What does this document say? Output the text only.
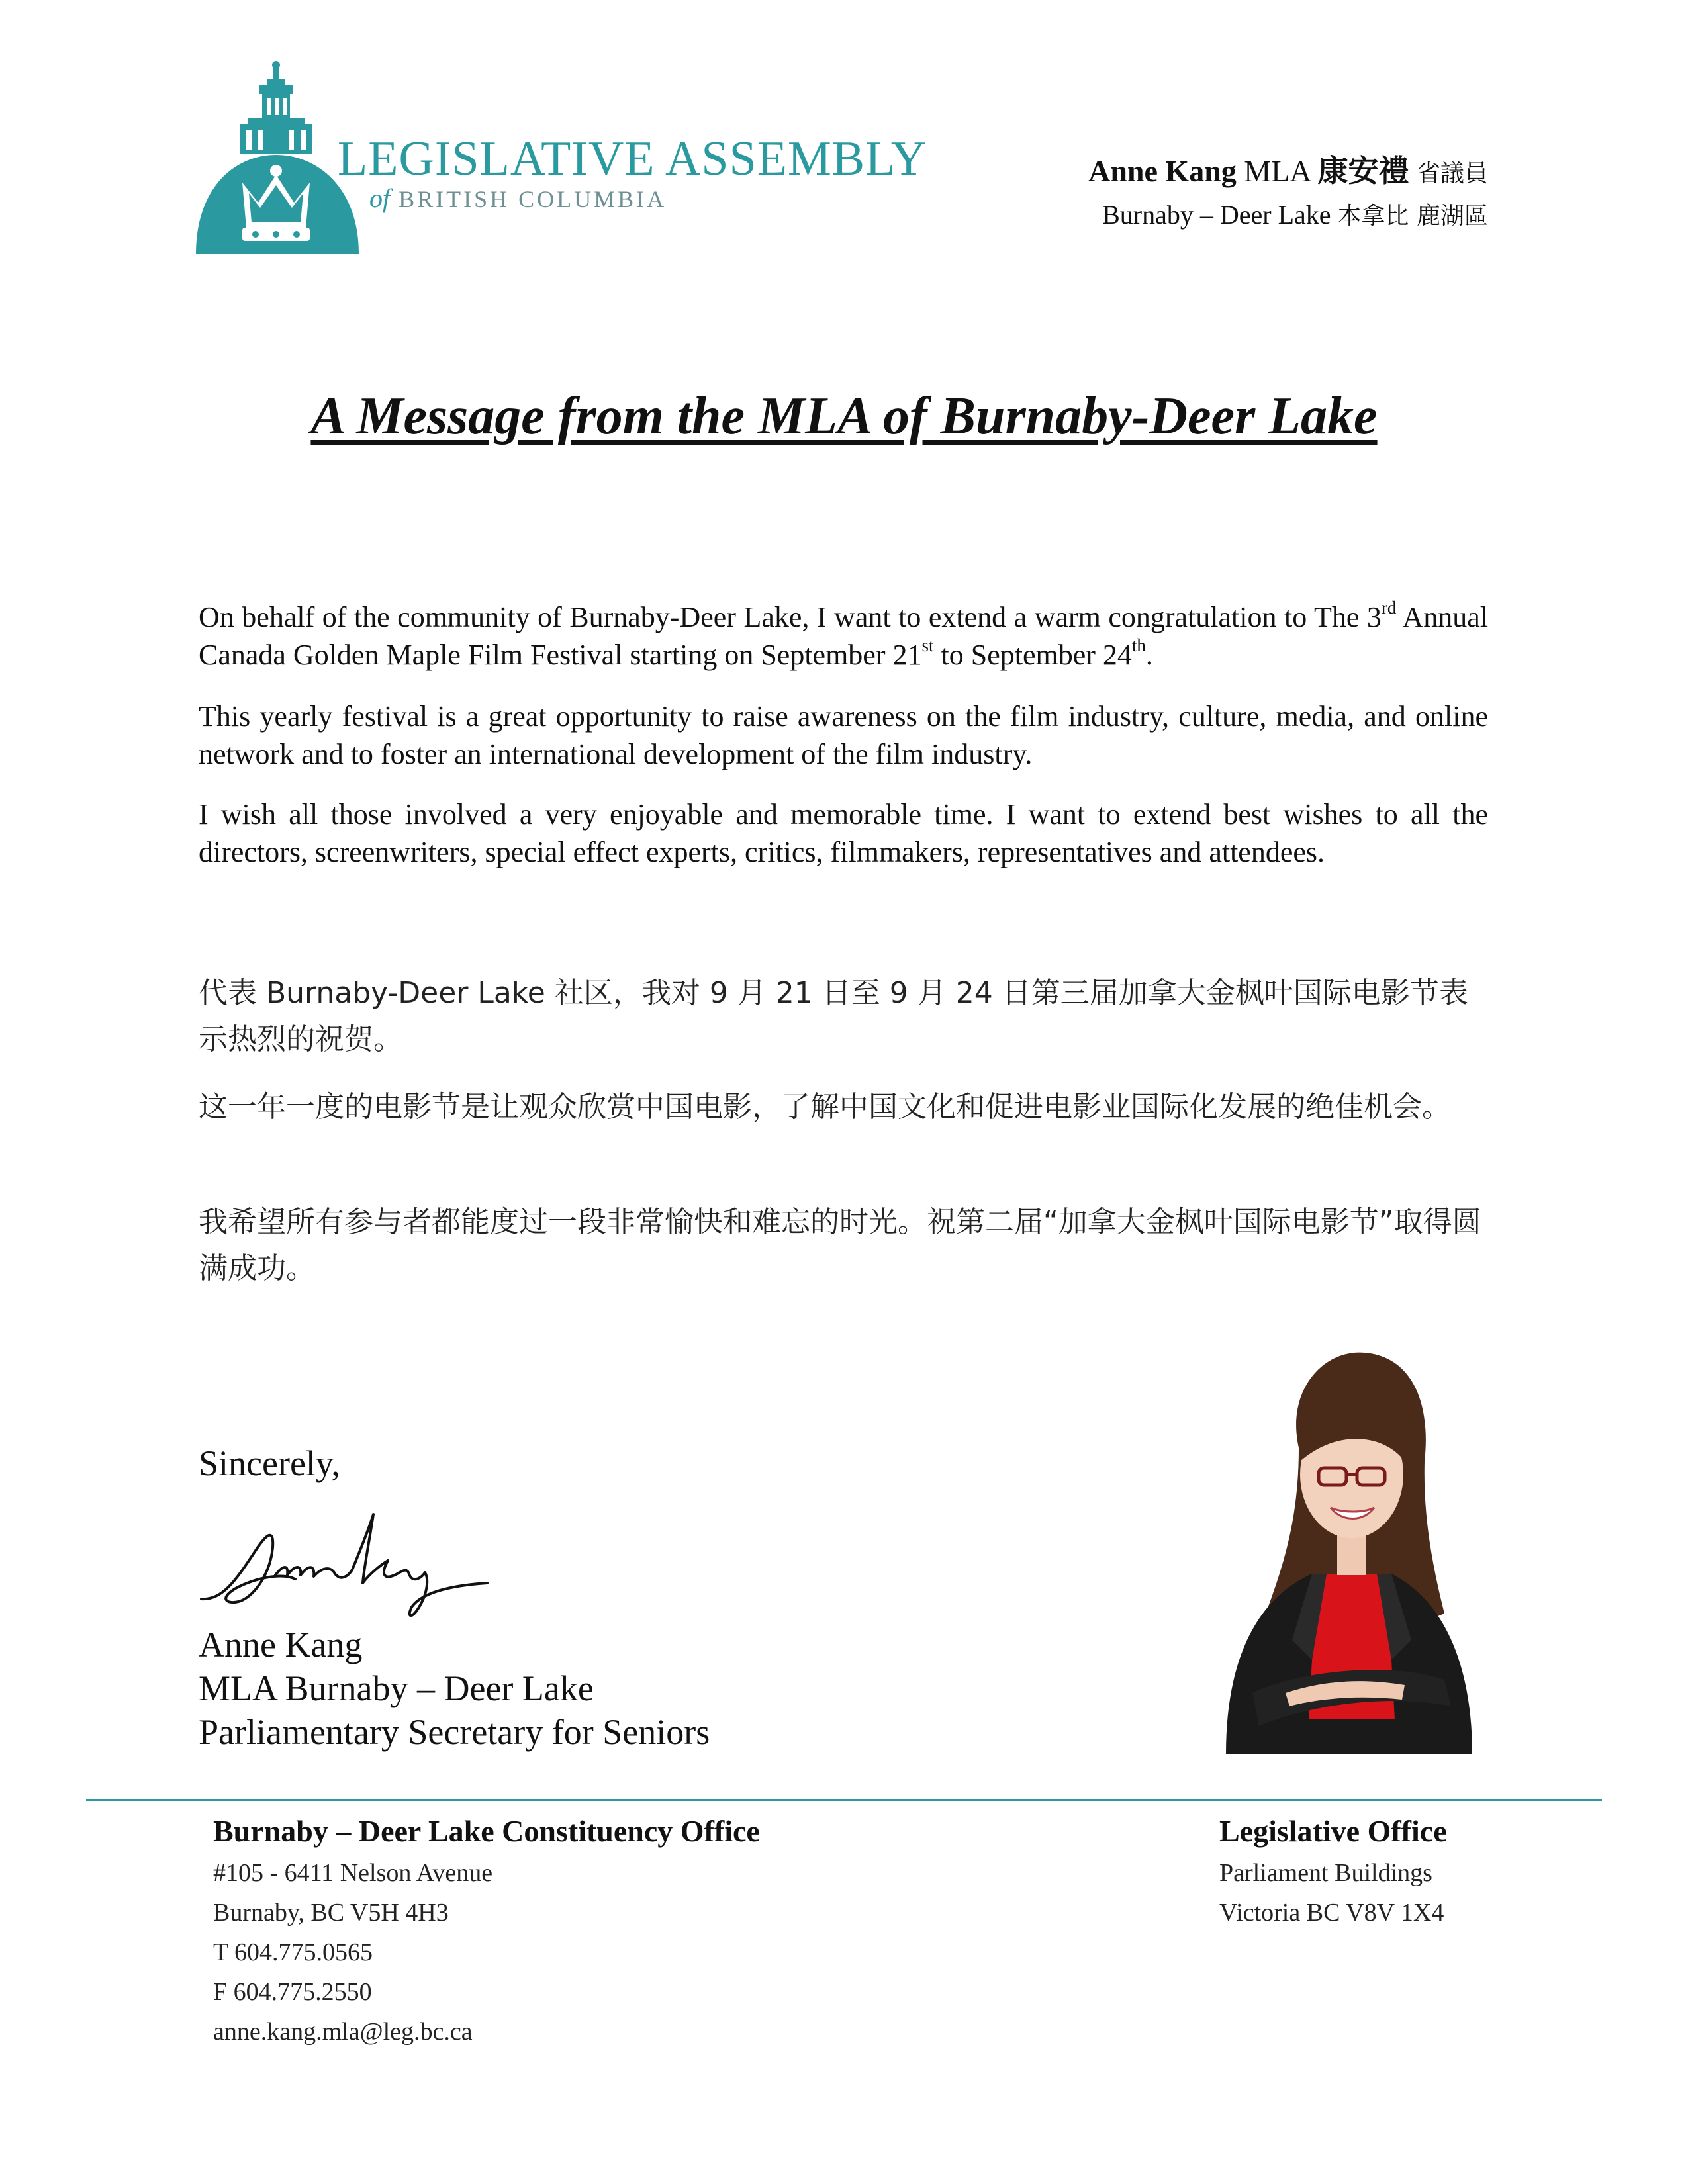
LEGISLATIVE ASSEMBLY
of BRITISH COLUMBIA
Anne Kang MLA 康安禮 省議員
Burnaby – Deer Lake 本拿比 鹿湖區
A Message from the MLA of Burnaby-Deer Lake
On behalf of the community of Burnaby-Deer Lake, I want to extend a warm congratulation to The 3rd Annual Canada Golden Maple Film Festival starting on September 21st to September 24th.
This yearly festival is a great opportunity to raise awareness on the film industry, culture, media, and online network and to foster an international development of the film industry.
I wish all those involved a very enjoyable and memorable time. I want to extend best wishes to all the directors, screenwriters, special effect experts, critics, filmmakers, representatives and attendees.
代表 Burnaby-Deer Lake 社区，我对 9 月 21 日至 9 月 24 日第三届加拿大金枫叶国际电影节表示热烈的祝贺。
这一年一度的电影节是让观众欣赏中国电影，了解中国文化和促进电影业国际化发展的绝佳机会。
我希望所有参与者都能度过一段非常愉快和难忘的时光。祝第二届“加拿大金枫叶国际电影节”取得圆满成功。
Sincerely,
Anne Kang
MLA Burnaby – Deer Lake
Parliamentary Secretary for Seniors
Burnaby – Deer Lake Constituency Office
#105 - 6411 Nelson Avenue
Burnaby, BC V5H 4H3
T 604.775.0565
F 604.775.2550
anne.kang.mla@leg.bc.ca
Legislative Office
Parliament Buildings
Victoria BC V8V 1X4
